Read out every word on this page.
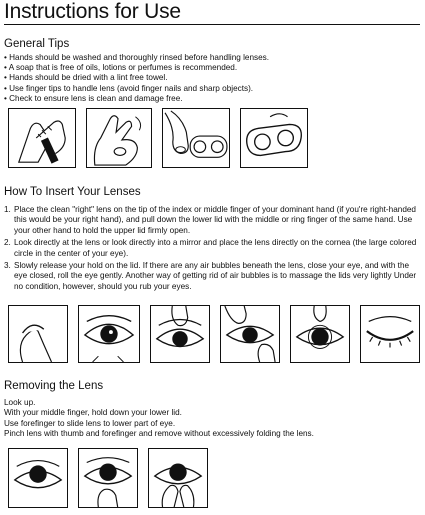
Instructions for Use
General Tips
• Hands should be washed and thoroughly rinsed before handling lenses.
• A soap that is free of oils, lotions or perfumes is recommended.
• Hands should be dried with a lint free towel.
• Use finger tips to handle lens (avoid finger nails and sharp objects).
• Check to ensure lens is clean and damage free.
How To Insert Your Lenses
1. Place the clean "right" lens on the tip of the index or middle finger of your dominant hand (if you're right-handed this would be your right hand), and pull down the lower lid with the middle or ring finger of the same hand. Use your other hand to hold the upper lid firmly open.
2. Look directly at the lens or look directly into a mirror and place the lens directly on the cornea (the large colored circle in the center of your eye).
3. Slowly release your hold on the lid. If there are any air bubbles beneath the lens, close your eye, and with the eye closed, roll the eye gently. Another way of getting rid of air bubbles is to massage the lids very lightly Under no condition, however, should you rub your eyes.
Removing the Lens
Look up.
With your middle finger, hold down your lower lid.
Use forefinger to slide lens to lower part of eye.
Pinch lens with thumb and forefinger and remove without excessively folding the lens.
